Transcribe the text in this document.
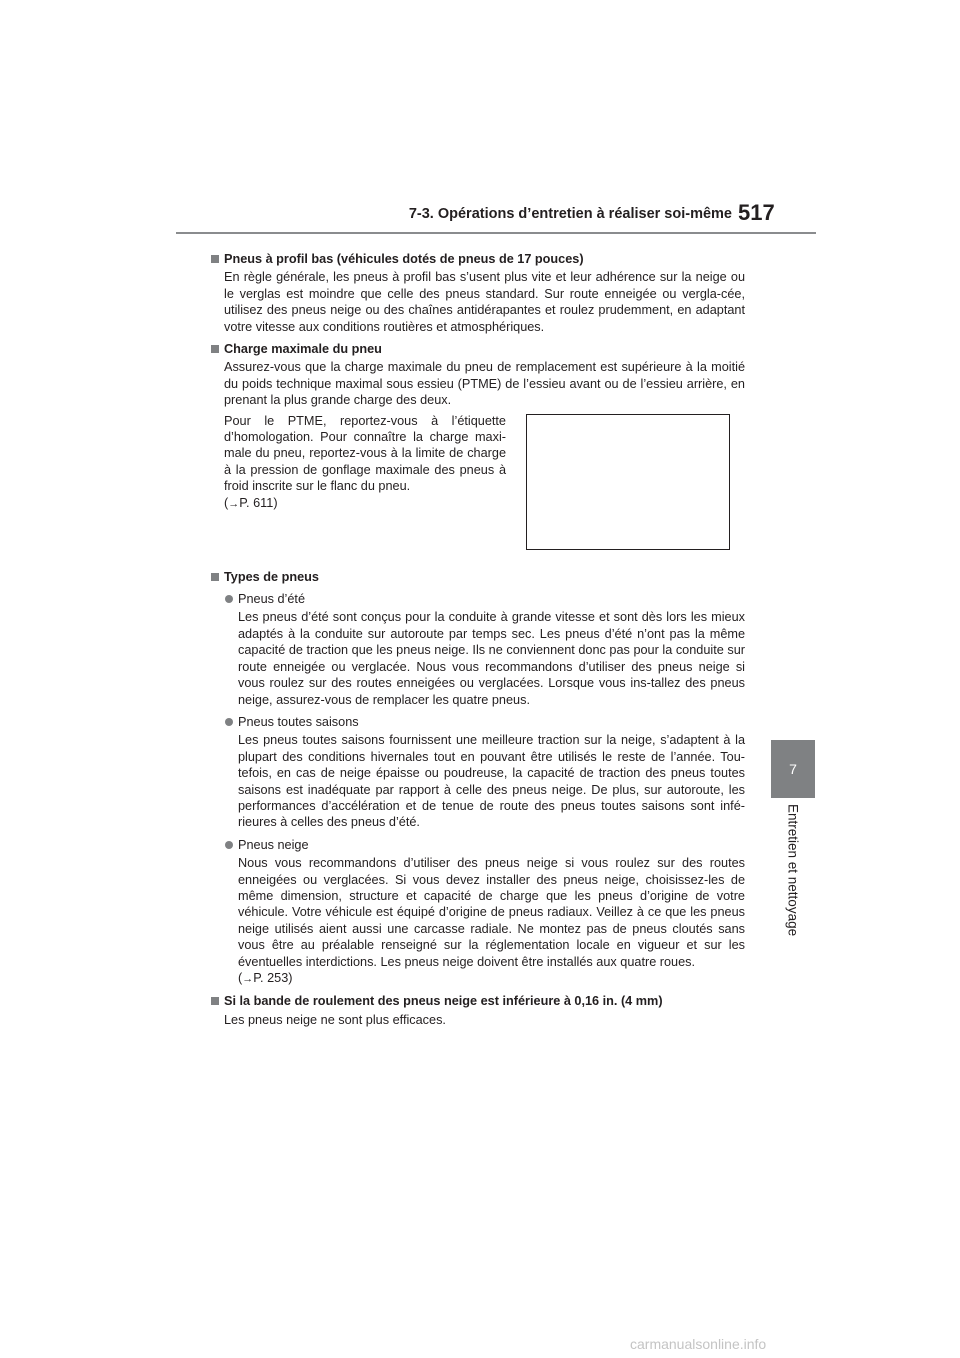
7-3. Opérations d’entretien à réaliser soi-même 517
7
Entretien et nettoyage
Pneus à profil bas (véhicules dotés de pneus de 17 pouces)
En règle générale, les pneus à profil bas s’usent plus vite et leur adhérence sur la neige ou le verglas est moindre que celle des pneus standard. Sur route enneigée ou vergla-cée, utilisez des pneus neige ou des chaînes antidérapantes et roulez prudemment, en adaptant votre vitesse aux conditions routières et atmosphériques.
Charge maximale du pneu
Assurez-vous que la charge maximale du pneu de remplacement est supérieure à la moitié du poids technique maximal sous essieu (PTME) de l’essieu avant ou de l’essieu arrière, en prenant la plus grande charge des deux.
Pour le PTME, reportez-vous à l’étiquette d’homologation. Pour connaître la charge maxi-male du pneu, reportez-vous à la limite de charge à la pression de gonflage maximale des pneus à froid inscrite sur le flanc du pneu.
(→P. 611)
Types de pneus
Pneus d’été
Les pneus d’été sont conçus pour la conduite à grande vitesse et sont dès lors les mieux adaptés à la conduite sur autoroute par temps sec. Les pneus d’été n’ont pas la même capacité de traction que les pneus neige. Ils ne conviennent donc pas pour la conduite sur route enneigée ou verglacée. Nous vous recommandons d’utiliser des pneus neige si vous roulez sur des routes enneigées ou verglacées. Lorsque vous ins-tallez des pneus neige, assurez-vous de remplacer les quatre pneus.
Pneus toutes saisons
Les pneus toutes saisons fournissent une meilleure traction sur la neige, s’adaptent à la plupart des conditions hivernales tout en pouvant être utilisés le reste de l’année. Tou-tefois, en cas de neige épaisse ou poudreuse, la capacité de traction des pneus toutes saisons est inadéquate par rapport à celle des pneus neige. De plus, sur autoroute, les performances d’accélération et de tenue de route des pneus toutes saisons sont infé-rieures à celles des pneus d’été.
Pneus neige
Nous vous recommandons d’utiliser des pneus neige si vous roulez sur des routes enneigées ou verglacées. Si vous devez installer des pneus neige, choisissez-les de même dimension, structure et capacité de charge que les pneus d’origine de votre véhicule. Votre véhicule est équipé d’origine de pneus radiaux. Veillez à ce que les pneus neige utilisés aient aussi une carcasse radiale. Ne montez pas de pneus cloutés sans vous être au préalable renseigné sur la réglementation locale en vigueur et sur les éventuelles interdictions. Les pneus neige doivent être installés aux quatre roues.
(→P. 253)
Si la bande de roulement des pneus neige est inférieure à 0,16 in. (4 mm)
Les pneus neige ne sont plus efficaces.
carmanualsonline.info
